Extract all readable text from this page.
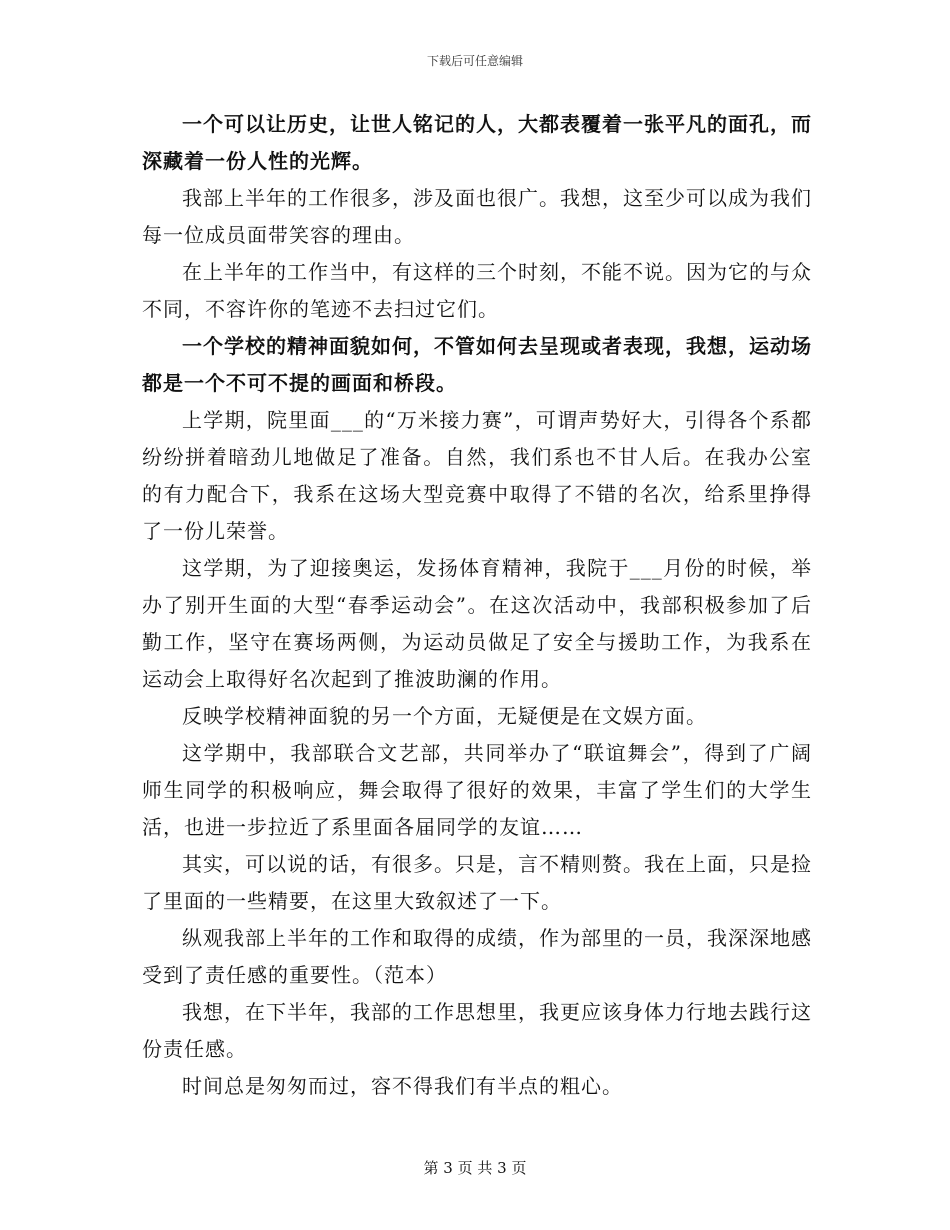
下载后可任意编辑

一个可以让历史，让世人铭记的人，大都表覆着一张平凡的面孔，而深藏着一份人性的光辉。

我部上半年的工作很多，涉及面也很广。我想，这至少可以成为我们每一位成员面带笑容的理由。

在上半年的工作当中，有这样的三个时刻，不能不说。因为它的与众不同，不容许你的笔迹不去扫过它们。

一个学校的精神面貌如何，不管如何去呈现或者表现，我想，运动场都是一个不可不提的画面和桥段。

上学期，院里面___的“万米接力赛”，可谓声势好大，引得各个系都纷纷拼着暗劲儿地做足了准备。自然，我们系也不甘人后。在我办公室的有力配合下，我系在这场大型竞赛中取得了不错的名次，给系里挣得了一份儿荣誉。

这学期，为了迎接奥运，发扬体育精神，我院于___月份的时候，举办了别开生面的大型“春季运动会”。在这次活动中，我部积极参加了后勤工作，坚守在赛场两侧，为运动员做足了安全与援助工作，为我系在运动会上取得好名次起到了推波助澜的作用。

反映学校精神面貌的另一个方面，无疑便是在文娱方面。

这学期中，我部联合文艺部，共同举办了“联谊舞会”，得到了广阔师生同学的积极响应，舞会取得了很好的效果，丰富了学生们的大学生活，也进一步拉近了系里面各届同学的友谊……

其实，可以说的话，有很多。只是，言不精则赘。我在上面，只是捡了里面的一些精要，在这里大致叙述了一下。

纵观我部上半年的工作和取得的成绩，作为部里的一员，我深深地感受到了责任感的重要性。（范本）

我想，在下半年，我部的工作思想里，我更应该身体力行地去践行这份责任感。

时间总是匆匆而过，容不得我们有半点的粗心。

第 3 页 共 3 页
